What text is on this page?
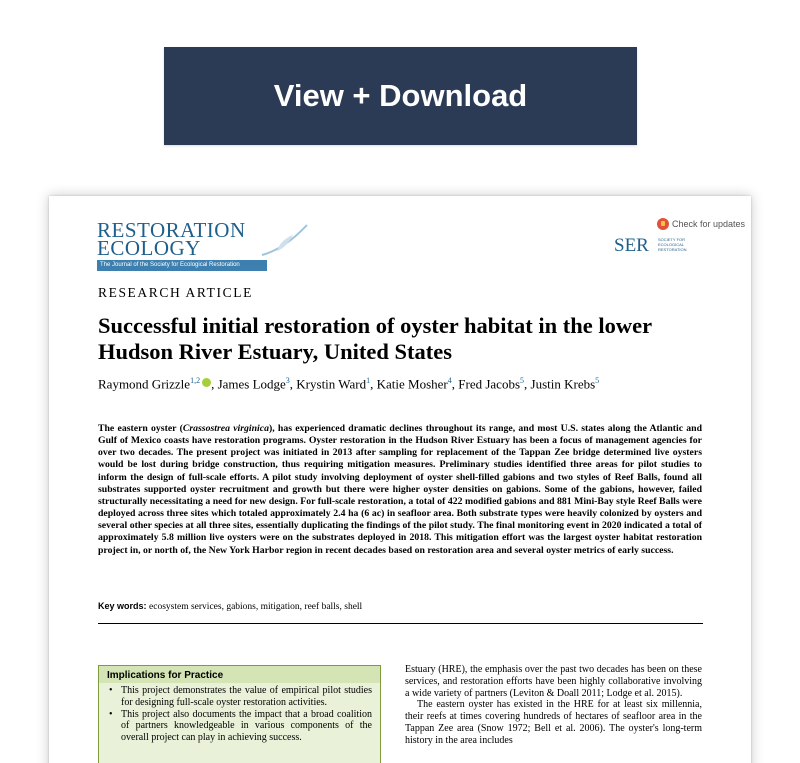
View + Download
RESTORATION
ECOLOGY
The Journal of the Society for Ecological Restoration
Check for updates
SER SOCIETY FOR ECOLOGICAL RESTORATION
RESEARCH ARTICLE
Successful initial restoration of oyster habitat in the lower Hudson River Estuary, United States
Raymond Grizzle$^{1,2}$ , James Lodge$^3$, Krystin Ward$^1$, Katie Mosher$^4$, Fred Jacobs$^5$, Justin Krebs$^5$
The eastern oyster (Crassostrea virginica), has experienced dramatic declines throughout its range, and most U.S. states along the Atlantic and Gulf of Mexico coasts have restoration programs. Oyster restoration in the Hudson River Estuary has been a focus of management agencies for over two decades. The present project was initiated in 2013 after sampling for replacement of the Tappan Zee bridge determined live oysters would be lost during bridge construction, thus requiring mitigation measures. Preliminary studies identified three areas for pilot studies to inform the design of full-scale efforts. A pilot study involving deployment of oyster shell-filled gabions and two styles of Reef Balls, found all substrates supported oyster recruitment and growth but there were higher oyster densities on gabions. Some of the gabions, however, failed structurally necessitating a need for new design. For full-scale restoration, a total of 422 modified gabions and 881 Mini-Bay style Reef Balls were deployed across three sites which totaled approximately 2.4 ha (6 ac) in seafloor area. Both substrate types were heavily colonized by oysters and several other species at all three sites, essentially duplicating the findings of the pilot study. The final monitoring event in 2020 indicated a total of approximately 5.8 million live oysters were on the substrates deployed in 2018. This mitigation effort was the largest oyster habitat restoration project in, or north of, the New York Harbor region in recent decades based on restoration area and several oyster metrics of early success.
Key words: ecosystem services, gabions, mitigation, reef balls, shell
Implications for Practice
• This project demonstrates the value of empirical pilot studies for designing full-scale oyster restoration activities.
• This project also documents the impact that a broad coalition of partners knowledgeable in various components of the overall project can play in achieving success.

Estuary (HRE), the emphasis over the past two decades has been on these services, and restoration efforts have been highly collaborative involving a wide variety of partners (Leviton & Doall 2011; Lodge et al. 2015).

The eastern oyster has existed in the HRE for at least six millennia, their reefs at times covering hundreds of hectares of seafloor area in the Tappan Zee area (Snow 1972; Bell et al. 2006). The oyster's long-term history in the area includes
